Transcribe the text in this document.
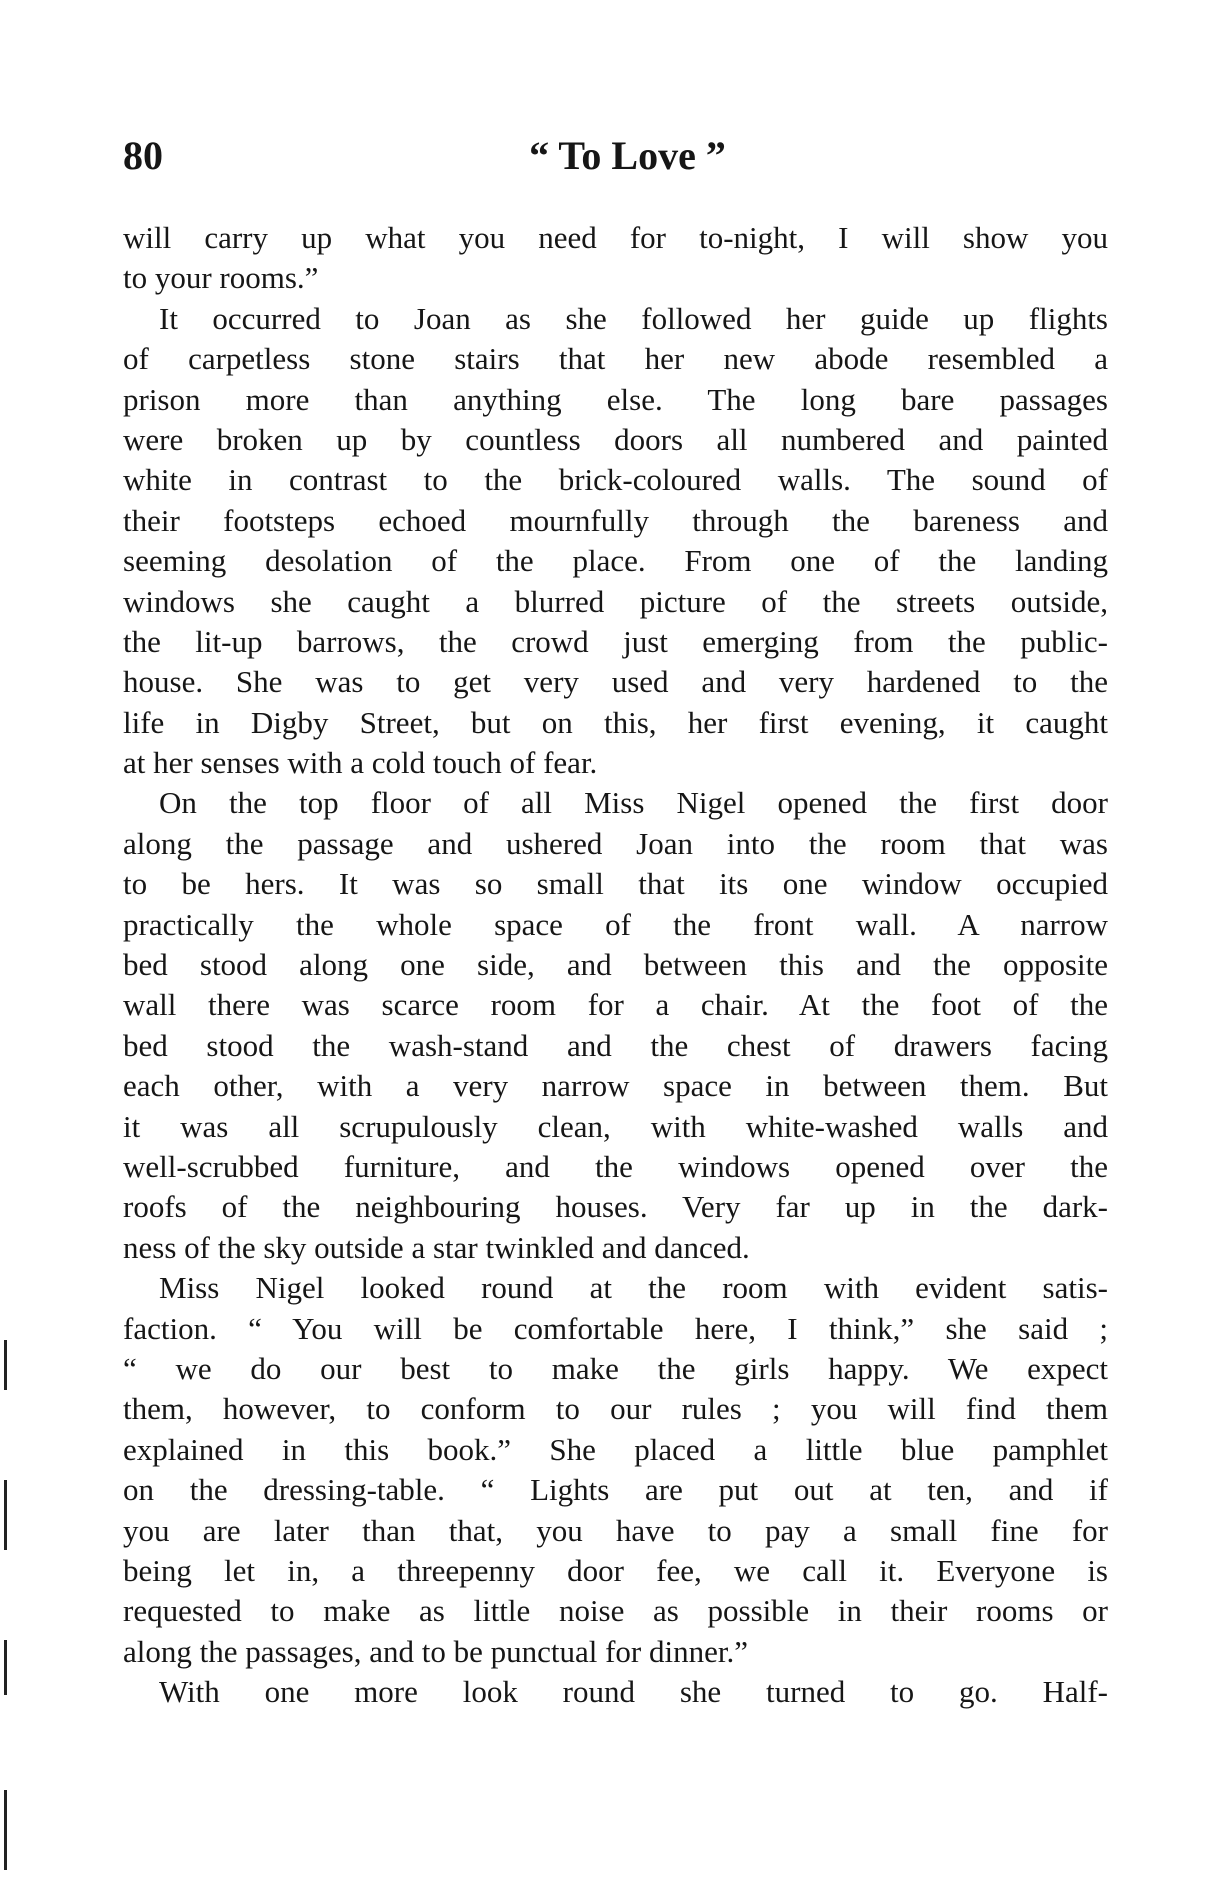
80	“ To Love ”
will carry up what you need for to-night, I will show you
to your rooms.”
It occurred to Joan as she followed her guide up flights
of carpetless stone stairs that her new abode resembled a
prison more than anything else. The long bare passages
were broken up by countless doors all numbered and painted
white in contrast to the brick-coloured walls. The sound of
their footsteps echoed mournfully through the bareness and
seeming desolation of the place. From one of the landing
windows she caught a blurred picture of the streets outside,
the lit-up barrows, the crowd just emerging from the public-
house. She was to get very used and very hardened to the
life in Digby Street, but on this, her first evening, it caught
at her senses with a cold touch of fear.
On the top floor of all Miss Nigel opened the first door
along the passage and ushered Joan into the room that was
to be hers. It was so small that its one window occupied
practically the whole space of the front wall. A narrow
bed stood along one side, and between this and the opposite
wall there was scarce room for a chair. At the foot of the
bed stood the wash-stand and the chest of drawers facing
each other, with a very narrow space in between them. But
it was all scrupulously clean, with white-washed walls and
well-scrubbed furniture, and the windows opened over the
roofs of the neighbouring houses. Very far up in the dark-
ness of the sky outside a star twinkled and danced.
Miss Nigel looked round at the room with evident satis-
faction. “ You will be comfortable here, I think,” she said ;
“ we do our best to make the girls happy. We expect
them, however, to conform to our rules ; you will find them
explained in this book.” She placed a little blue pamphlet
on the dressing-table. “ Lights are put out at ten, and if
you are later than that, you have to pay a small fine for
being let in, a threepenny door fee, we call it. Everyone is
requested to make as little noise as possible in their rooms or
along the passages, and to be punctual for dinner.”
With one more look round she turned to go. Half-
